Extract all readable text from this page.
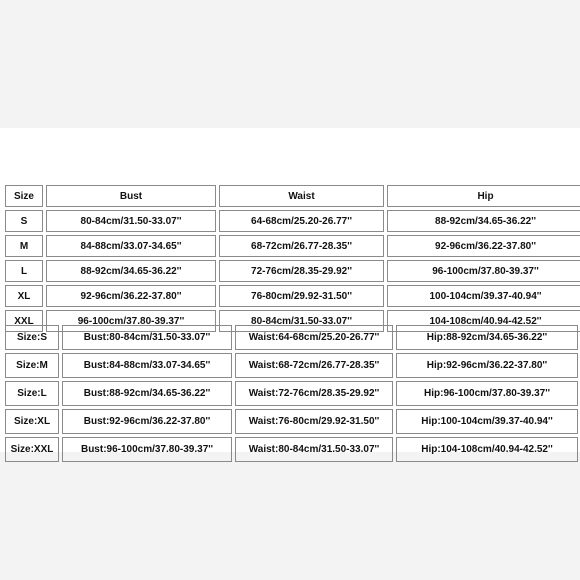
Size	Bust	Waist	Hip
S	80-84cm/31.50-33.07''	64-68cm/25.20-26.77''	88-92cm/34.65-36.22''
M	84-88cm/33.07-34.65''	68-72cm/26.77-28.35''	92-96cm/36.22-37.80''
L	88-92cm/34.65-36.22''	72-76cm/28.35-29.92''	96-100cm/37.80-39.37''
XL	92-96cm/36.22-37.80''	76-80cm/29.92-31.50''	100-104cm/39.37-40.94''
XXL	96-100cm/37.80-39.37''	80-84cm/31.50-33.07''	104-108cm/40.94-42.52''
Size:S	Bust:80-84cm/31.50-33.07''	Waist:64-68cm/25.20-26.77''	Hip:88-92cm/34.65-36.22''
Size:M	Bust:84-88cm/33.07-34.65''	Waist:68-72cm/26.77-28.35''	Hip:92-96cm/36.22-37.80''
Size:L	Bust:88-92cm/34.65-36.22''	Waist:72-76cm/28.35-29.92''	Hip:96-100cm/37.80-39.37''
Size:XL	Bust:92-96cm/36.22-37.80''	Waist:76-80cm/29.92-31.50''	Hip:100-104cm/39.37-40.94''
Size:XXL	Bust:96-100cm/37.80-39.37''	Waist:80-84cm/31.50-33.07''	Hip:104-108cm/40.94-42.52''
